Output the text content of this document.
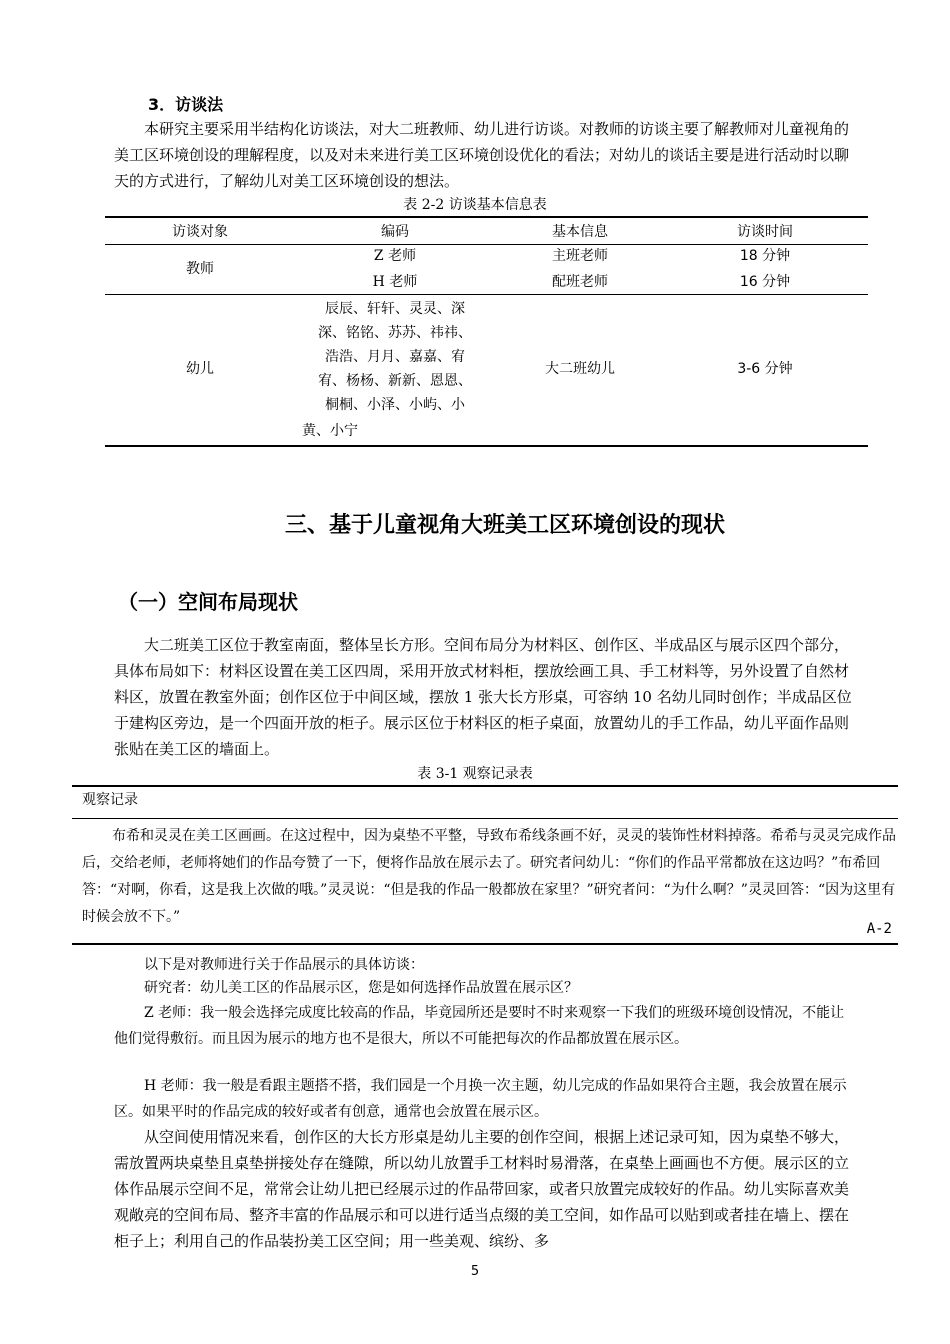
3．访谈法

本研究主要采用半结构化访谈法，对大二班教师、幼儿进行访谈。对教师的访谈主要了解教师对儿童视角的美工区环境创设的理解程度，以及对未来进行美工区环境创设优化的看法；对幼儿的谈话主要是进行活动时以聊天的方式进行，了解幼儿对美工区环境创设的想法。

表 2-2 访谈基本信息表
访谈对象	编码	基本信息	访谈时间
教师
Z 老师	主班老师	18 分钟
H 老师	配班老师	16 分钟
幼儿
辰辰、轩轩、灵灵、深
深、铭铭、苏苏、祎祎、
浩浩、月月、嘉嘉、宥
宥、杨杨、新新、恩恩、
桐桐、小泽、小屿、小
黄、小宁
大二班幼儿	3-6 分钟
三、基于儿童视角大班美工区环境创设的现状
（一）空间布局现状

大二班美工区位于教室南面，整体呈长方形。空间布局分为材料区、创作区、半成品区与展示区四个部分，具体布局如下：材料区设置在美工区四周，采用开放式材料柜，摆放绘画工具、手工材料等，另外设置了自然材料区，放置在教室外面；创作区位于中间区域，摆放 1 张大长方形桌，可容纳 10 名幼儿同时创作；半成品区位于建构区旁边，是一个四面开放的柜子。展示区位于材料区的柜子桌面，放置幼儿的手工作品，幼儿平面作品则张贴在美工区的墙面上。

表 3-1 观察记录表
观察记录

布希和灵灵在美工区画画。在这过程中，因为桌垫不平整，导致布希线条画不好，灵灵的装饰性材料掉落。希希与灵灵完成作品后，交给老师，老师将她们的作品夸赞了一下，便将作品放在展示去了。研究者问幼儿：“你们的作品平常都放在这边吗？”布希回答：“对啊，你看，这是我上次做的哦。”灵灵说：“但是我的作品一般都放在家里？”研究者问：“为什么啊？”灵灵回答：“因为这里有时候会放不下。”

A-2

以下是对教师进行关于作品展示的具体访谈：

研究者：幼儿美工区的作品展示区，您是如何选择作品放置在展示区？

Z 老师：我一般会选择完成度比较高的作品，毕竟园所还是要时不时来观察一下我们的班级环境创设情况，不能让他们觉得敷衍。而且因为展示的地方也不是很大，所以不可能把每次的作品都放置在展示区。

H 老师：我一般是看跟主题搭不搭，我们园是一个月换一次主题，幼儿完成的作品如果符合主题，我会放置在展示区。如果平时的作品完成的较好或者有创意，通常也会放置在展示区。

从空间使用情况来看，创作区的大长方形桌是幼儿主要的创作空间，根据上述记录可知，因为桌垫不够大，需放置两块桌垫且桌垫拼接处存在缝隙，所以幼儿放置手工材料时易滑落，在桌垫上画画也不方便。展示区的立体作品展示空间不足，常常会让幼儿把已经展示过的作品带回家，或者只放置完成较好的作品。幼儿实际喜欢美观敞亮的空间布局、整齐丰富的作品展示和可以进行适当点缀的美工空间，如作品可以贴到或者挂在墙上、摆在柜子上；利用自己的作品装扮美工区空间；用一些美观、缤纷、多

5
